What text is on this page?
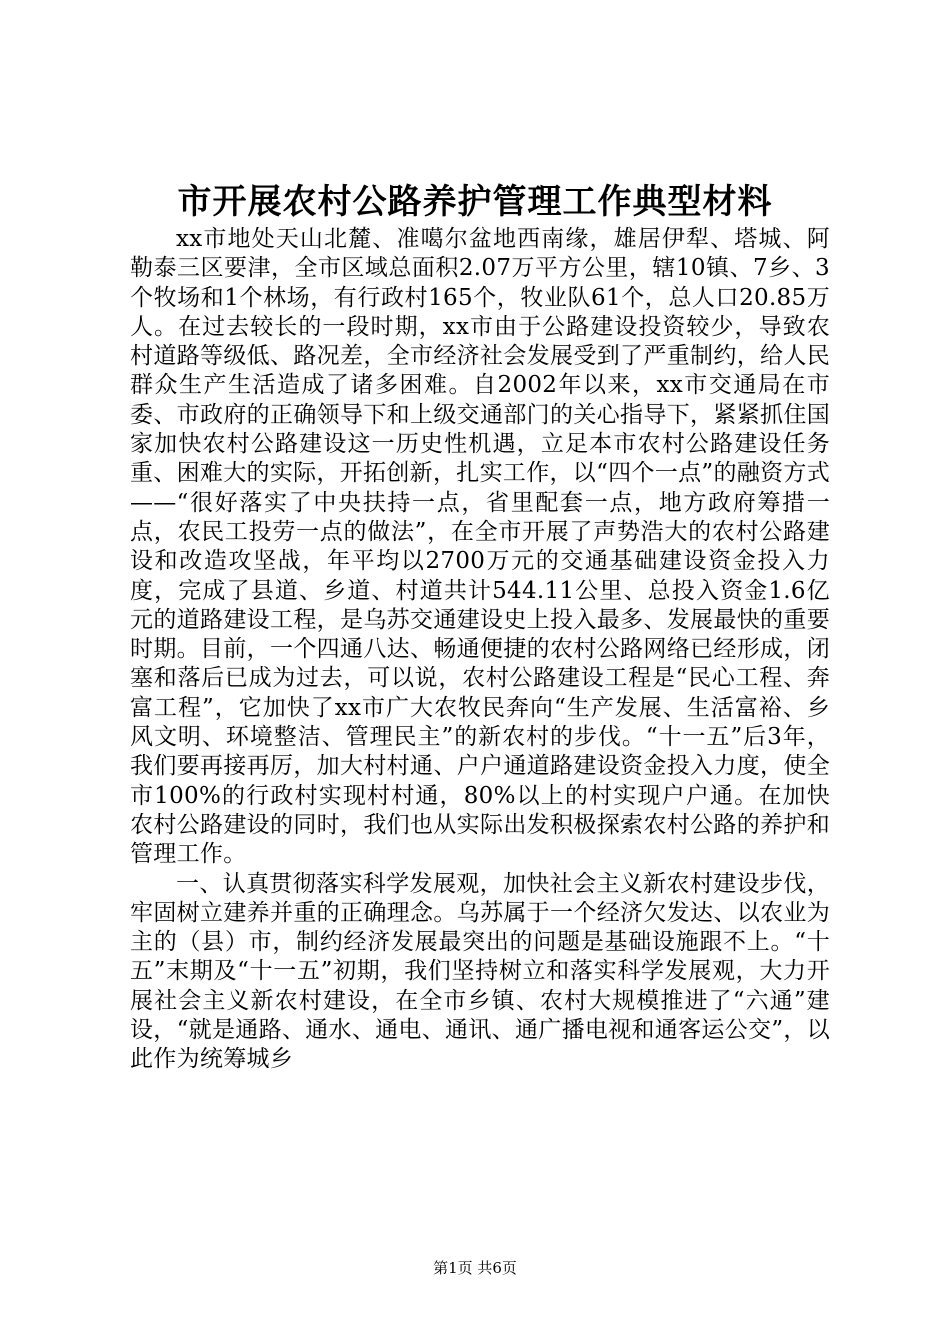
市开展农村公路养护管理工作典型材料

xx市地处天山北麓、准噶尔盆地西南缘，雄居伊犁、塔城、阿勒泰三区要津，全市区域总面积2.07万平方公里，辖10镇、7乡、3个牧场和1个林场，有行政村165个，牧业队61个，总人口20.85万人。在过去较长的一段时期，xx市由于公路建设投资较少，导致农村道路等级低、路况差，全市经济社会发展受到了严重制约，给人民群众生产生活造成了诸多困难。自2002年以来，xx市交通局在市委、市政府的正确领导下和上级交通部门的关心指导下，紧紧抓住国家加快农村公路建设这一历史性机遇，立足本市农村公路建设任务重、困难大的实际，开拓创新，扎实工作，以“四个一点”的融资方式——“很好落实了中央扶持一点，省里配套一点，地方政府筹措一点，农民工投劳一点的做法”，在全市开展了声势浩大的农村公路建设和改造攻坚战，年平均以2700万元的交通基础建设资金投入力度，完成了县道、乡道、村道共计544.11公里、总投入资金1.6亿元的道路建设工程，是乌苏交通建设史上投入最多、发展最快的重要时期。目前，一个四通八达、畅通便捷的农村公路网络已经形成，闭塞和落后已成为过去，可以说，农村公路建设工程是“民心工程、奔富工程”，它加快了xx市广大农牧民奔向“生产发展、生活富裕、乡风文明、环境整洁、管理民主”的新农村的步伐。“十一五”后3年，我们要再接再厉，加大村村通、户户通道路建设资金投入力度，使全市100%的行政村实现村村通，80%以上的村实现户户通。在加快农村公路建设的同时，我们也从实际出发积极探索农村公路的养护和管理工作。

一、认真贯彻落实科学发展观，加快社会主义新农村建设步伐，牢固树立建养并重的正确理念。乌苏属于一个经济欠发达、以农业为主的（县）市，制约经济发展最突出的问题是基础设施跟不上。“十五”末期及“十一五”初期，我们坚持树立和落实科学发展观，大力开展社会主义新农村建设，在全市乡镇、农村大规模推进了“六通”建设，“就是通路、通水、通电、通讯、通广播电视和通客运公交”，以此作为统筹城乡

第1页 共6页
